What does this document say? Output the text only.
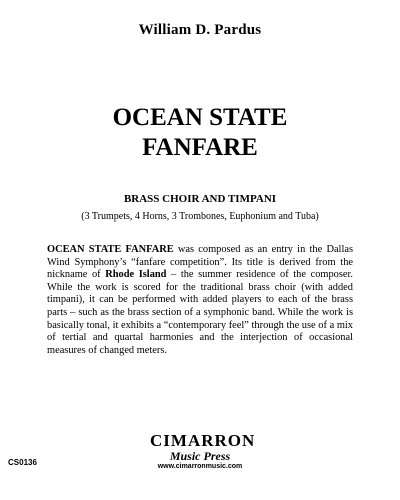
William D. Pardus
OCEAN STATE
FANFARE
BRASS CHOIR AND TIMPANI
(3 Trumpets, 4 Horns, 3 Trombones, Euphonium and Tuba)
OCEAN STATE FANFARE was composed as an entry in the Dallas Wind Symphony’s “fanfare competition”. Its title is derived from the nickname of Rhode Island – the summer residence of the composer. While the work is scored for the traditional brass choir (with added timpani), it can be performed with added players to each of the brass parts – such as the brass section of a symphonic band. While the work is basically tonal, it exhibits a “contemporary feel” through the use of a mix of tertial and quartal harmonies and the interjection of occasional measures of changed meters.
CS0136
CIMARRON
Music Press
www.cimarronmusic.com
